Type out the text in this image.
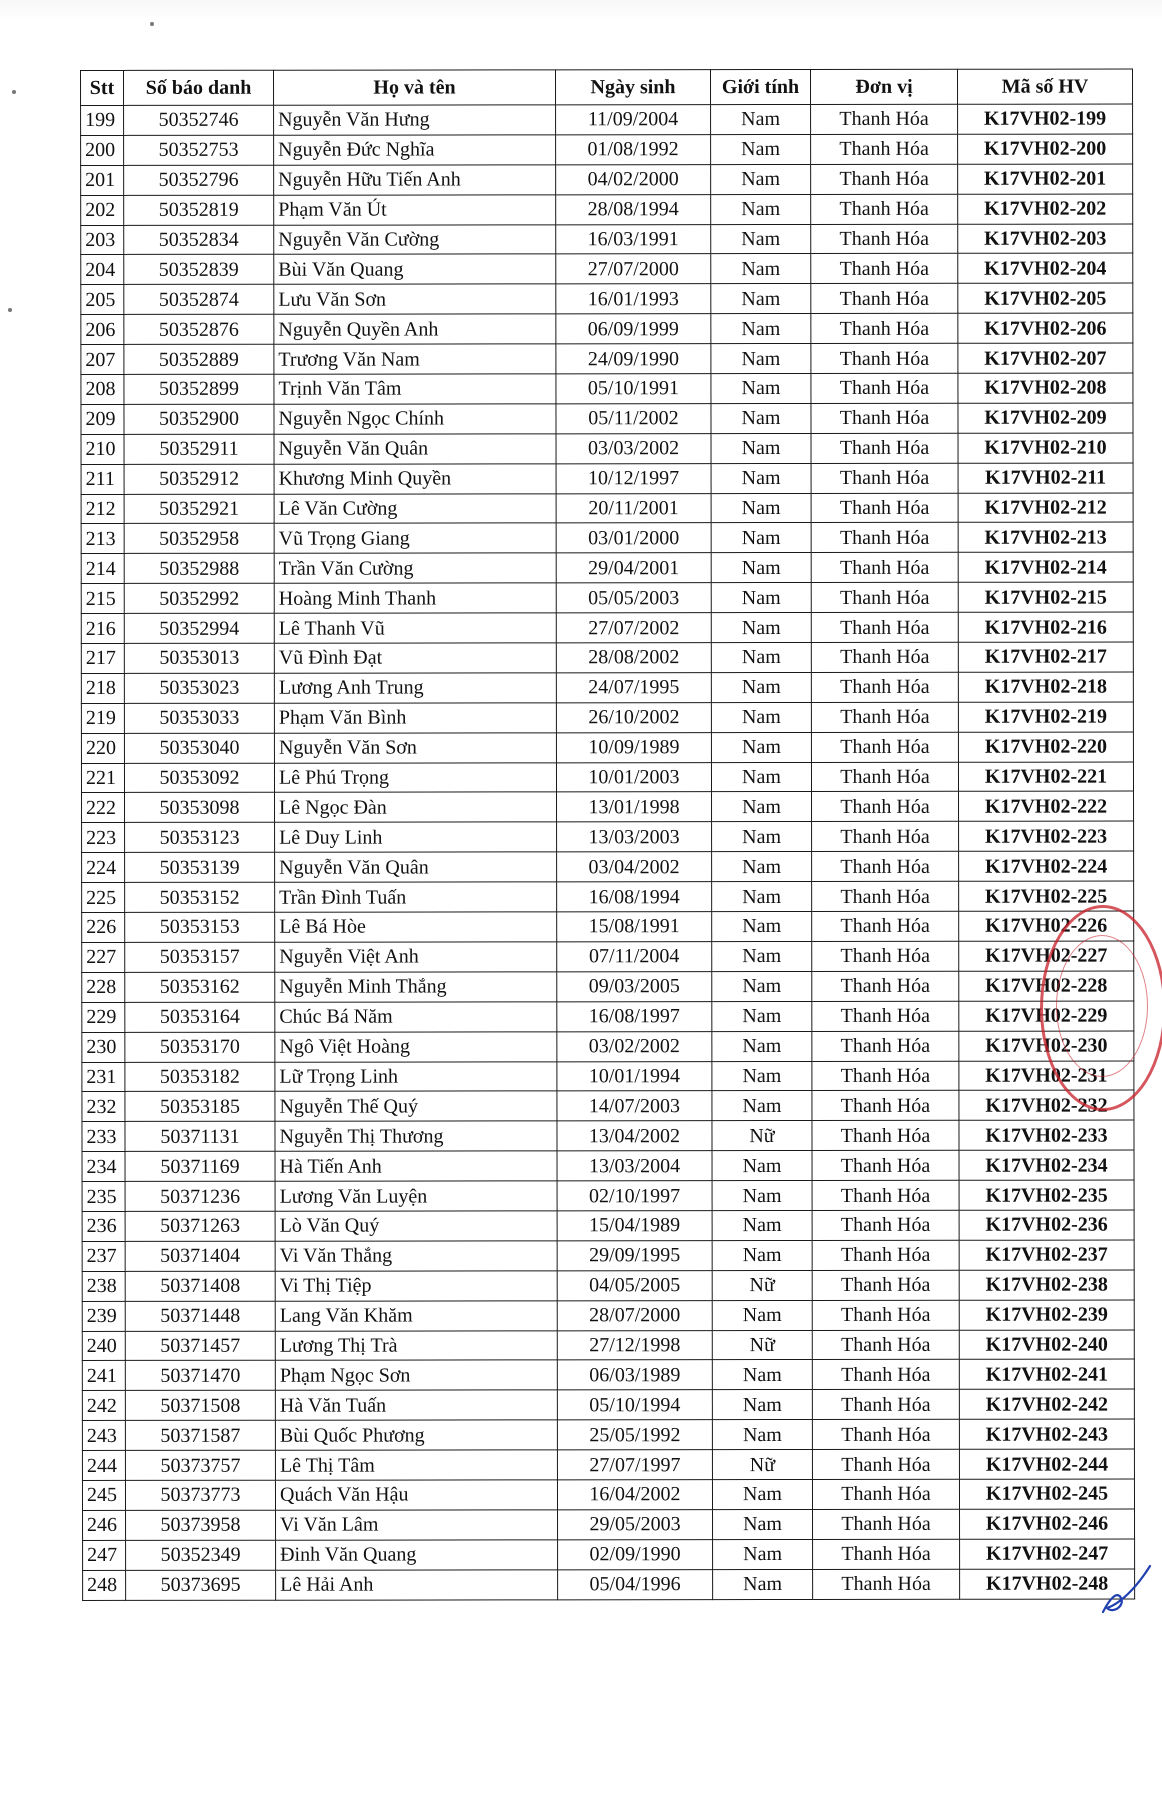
Stt	Số báo danh	Họ và tên	Ngày sinh	Giới tính	Đơn vị	Mã số HV
199	50352746	Nguyễn Văn Hưng	11/09/2004	Nam	Thanh Hóa	K17VH02-199
200	50352753	Nguyễn Đức Nghĩa	01/08/1992	Nam	Thanh Hóa	K17VH02-200
201	50352796	Nguyễn Hữu Tiến Anh	04/02/2000	Nam	Thanh Hóa	K17VH02-201
202	50352819	Phạm Văn Út	28/08/1994	Nam	Thanh Hóa	K17VH02-202
203	50352834	Nguyễn Văn Cường	16/03/1991	Nam	Thanh Hóa	K17VH02-203
204	50352839	Bùi Văn Quang	27/07/2000	Nam	Thanh Hóa	K17VH02-204
205	50352874	Lưu Văn Sơn	16/01/1993	Nam	Thanh Hóa	K17VH02-205
206	50352876	Nguyễn Quyền Anh	06/09/1999	Nam	Thanh Hóa	K17VH02-206
207	50352889	Trương Văn Nam	24/09/1990	Nam	Thanh Hóa	K17VH02-207
208	50352899	Trịnh Văn Tâm	05/10/1991	Nam	Thanh Hóa	K17VH02-208
209	50352900	Nguyễn Ngọc Chính	05/11/2002	Nam	Thanh Hóa	K17VH02-209
210	50352911	Nguyễn Văn Quân	03/03/2002	Nam	Thanh Hóa	K17VH02-210
211	50352912	Khương Minh Quyền	10/12/1997	Nam	Thanh Hóa	K17VH02-211
212	50352921	Lê Văn Cường	20/11/2001	Nam	Thanh Hóa	K17VH02-212
213	50352958	Vũ Trọng Giang	03/01/2000	Nam	Thanh Hóa	K17VH02-213
214	50352988	Trần Văn Cường	29/04/2001	Nam	Thanh Hóa	K17VH02-214
215	50352992	Hoàng Minh Thanh	05/05/2003	Nam	Thanh Hóa	K17VH02-215
216	50352994	Lê Thanh Vũ	27/07/2002	Nam	Thanh Hóa	K17VH02-216
217	50353013	Vũ Đình Đạt	28/08/2002	Nam	Thanh Hóa	K17VH02-217
218	50353023	Lương Anh Trung	24/07/1995	Nam	Thanh Hóa	K17VH02-218
219	50353033	Phạm Văn Bình	26/10/2002	Nam	Thanh Hóa	K17VH02-219
220	50353040	Nguyễn Văn Sơn	10/09/1989	Nam	Thanh Hóa	K17VH02-220
221	50353092	Lê Phú Trọng	10/01/2003	Nam	Thanh Hóa	K17VH02-221
222	50353098	Lê Ngọc Đàn	13/01/1998	Nam	Thanh Hóa	K17VH02-222
223	50353123	Lê Duy Linh	13/03/2003	Nam	Thanh Hóa	K17VH02-223
224	50353139	Nguyễn Văn Quân	03/04/2002	Nam	Thanh Hóa	K17VH02-224
225	50353152	Trần Đình Tuấn	16/08/1994	Nam	Thanh Hóa	K17VH02-225
226	50353153	Lê Bá Hòe	15/08/1991	Nam	Thanh Hóa	K17VH02-226
227	50353157	Nguyễn Việt Anh	07/11/2004	Nam	Thanh Hóa	K17VH02-227
228	50353162	Nguyễn Minh Thắng	09/03/2005	Nam	Thanh Hóa	K17VH02-228
229	50353164	Chúc Bá Năm	16/08/1997	Nam	Thanh Hóa	K17VH02-229
230	50353170	Ngô Việt Hoàng	03/02/2002	Nam	Thanh Hóa	K17VH02-230
231	50353182	Lữ Trọng Linh	10/01/1994	Nam	Thanh Hóa	K17VH02-231
232	50353185	Nguyễn Thế Quý	14/07/2003	Nam	Thanh Hóa	K17VH02-232
233	50371131	Nguyễn Thị Thương	13/04/2002	Nữ	Thanh Hóa	K17VH02-233
234	50371169	Hà Tiến Anh	13/03/2004	Nam	Thanh Hóa	K17VH02-234
235	50371236	Lương Văn Luyện	02/10/1997	Nam	Thanh Hóa	K17VH02-235
236	50371263	Lò Văn Quý	15/04/1989	Nam	Thanh Hóa	K17VH02-236
237	50371404	Vi Văn Thắng	29/09/1995	Nam	Thanh Hóa	K17VH02-237
238	50371408	Vi Thị Tiệp	04/05/2005	Nữ	Thanh Hóa	K17VH02-238
239	50371448	Lang Văn Khăm	28/07/2000	Nam	Thanh Hóa	K17VH02-239
240	50371457	Lương Thị Trà	27/12/1998	Nữ	Thanh Hóa	K17VH02-240
241	50371470	Phạm Ngọc Sơn	06/03/1989	Nam	Thanh Hóa	K17VH02-241
242	50371508	Hà Văn Tuấn	05/10/1994	Nam	Thanh Hóa	K17VH02-242
243	50371587	Bùi Quốc Phương	25/05/1992	Nam	Thanh Hóa	K17VH02-243
244	50373757	Lê Thị Tâm	27/07/1997	Nữ	Thanh Hóa	K17VH02-244
245	50373773	Quách Văn Hậu	16/04/2002	Nam	Thanh Hóa	K17VH02-245
246	50373958	Vi Văn Lâm	29/05/2003	Nam	Thanh Hóa	K17VH02-246
247	50352349	Đinh Văn Quang	02/09/1990	Nam	Thanh Hóa	K17VH02-247
248	50373695	Lê Hải Anh	05/04/1996	Nam	Thanh Hóa	K17VH02-248
